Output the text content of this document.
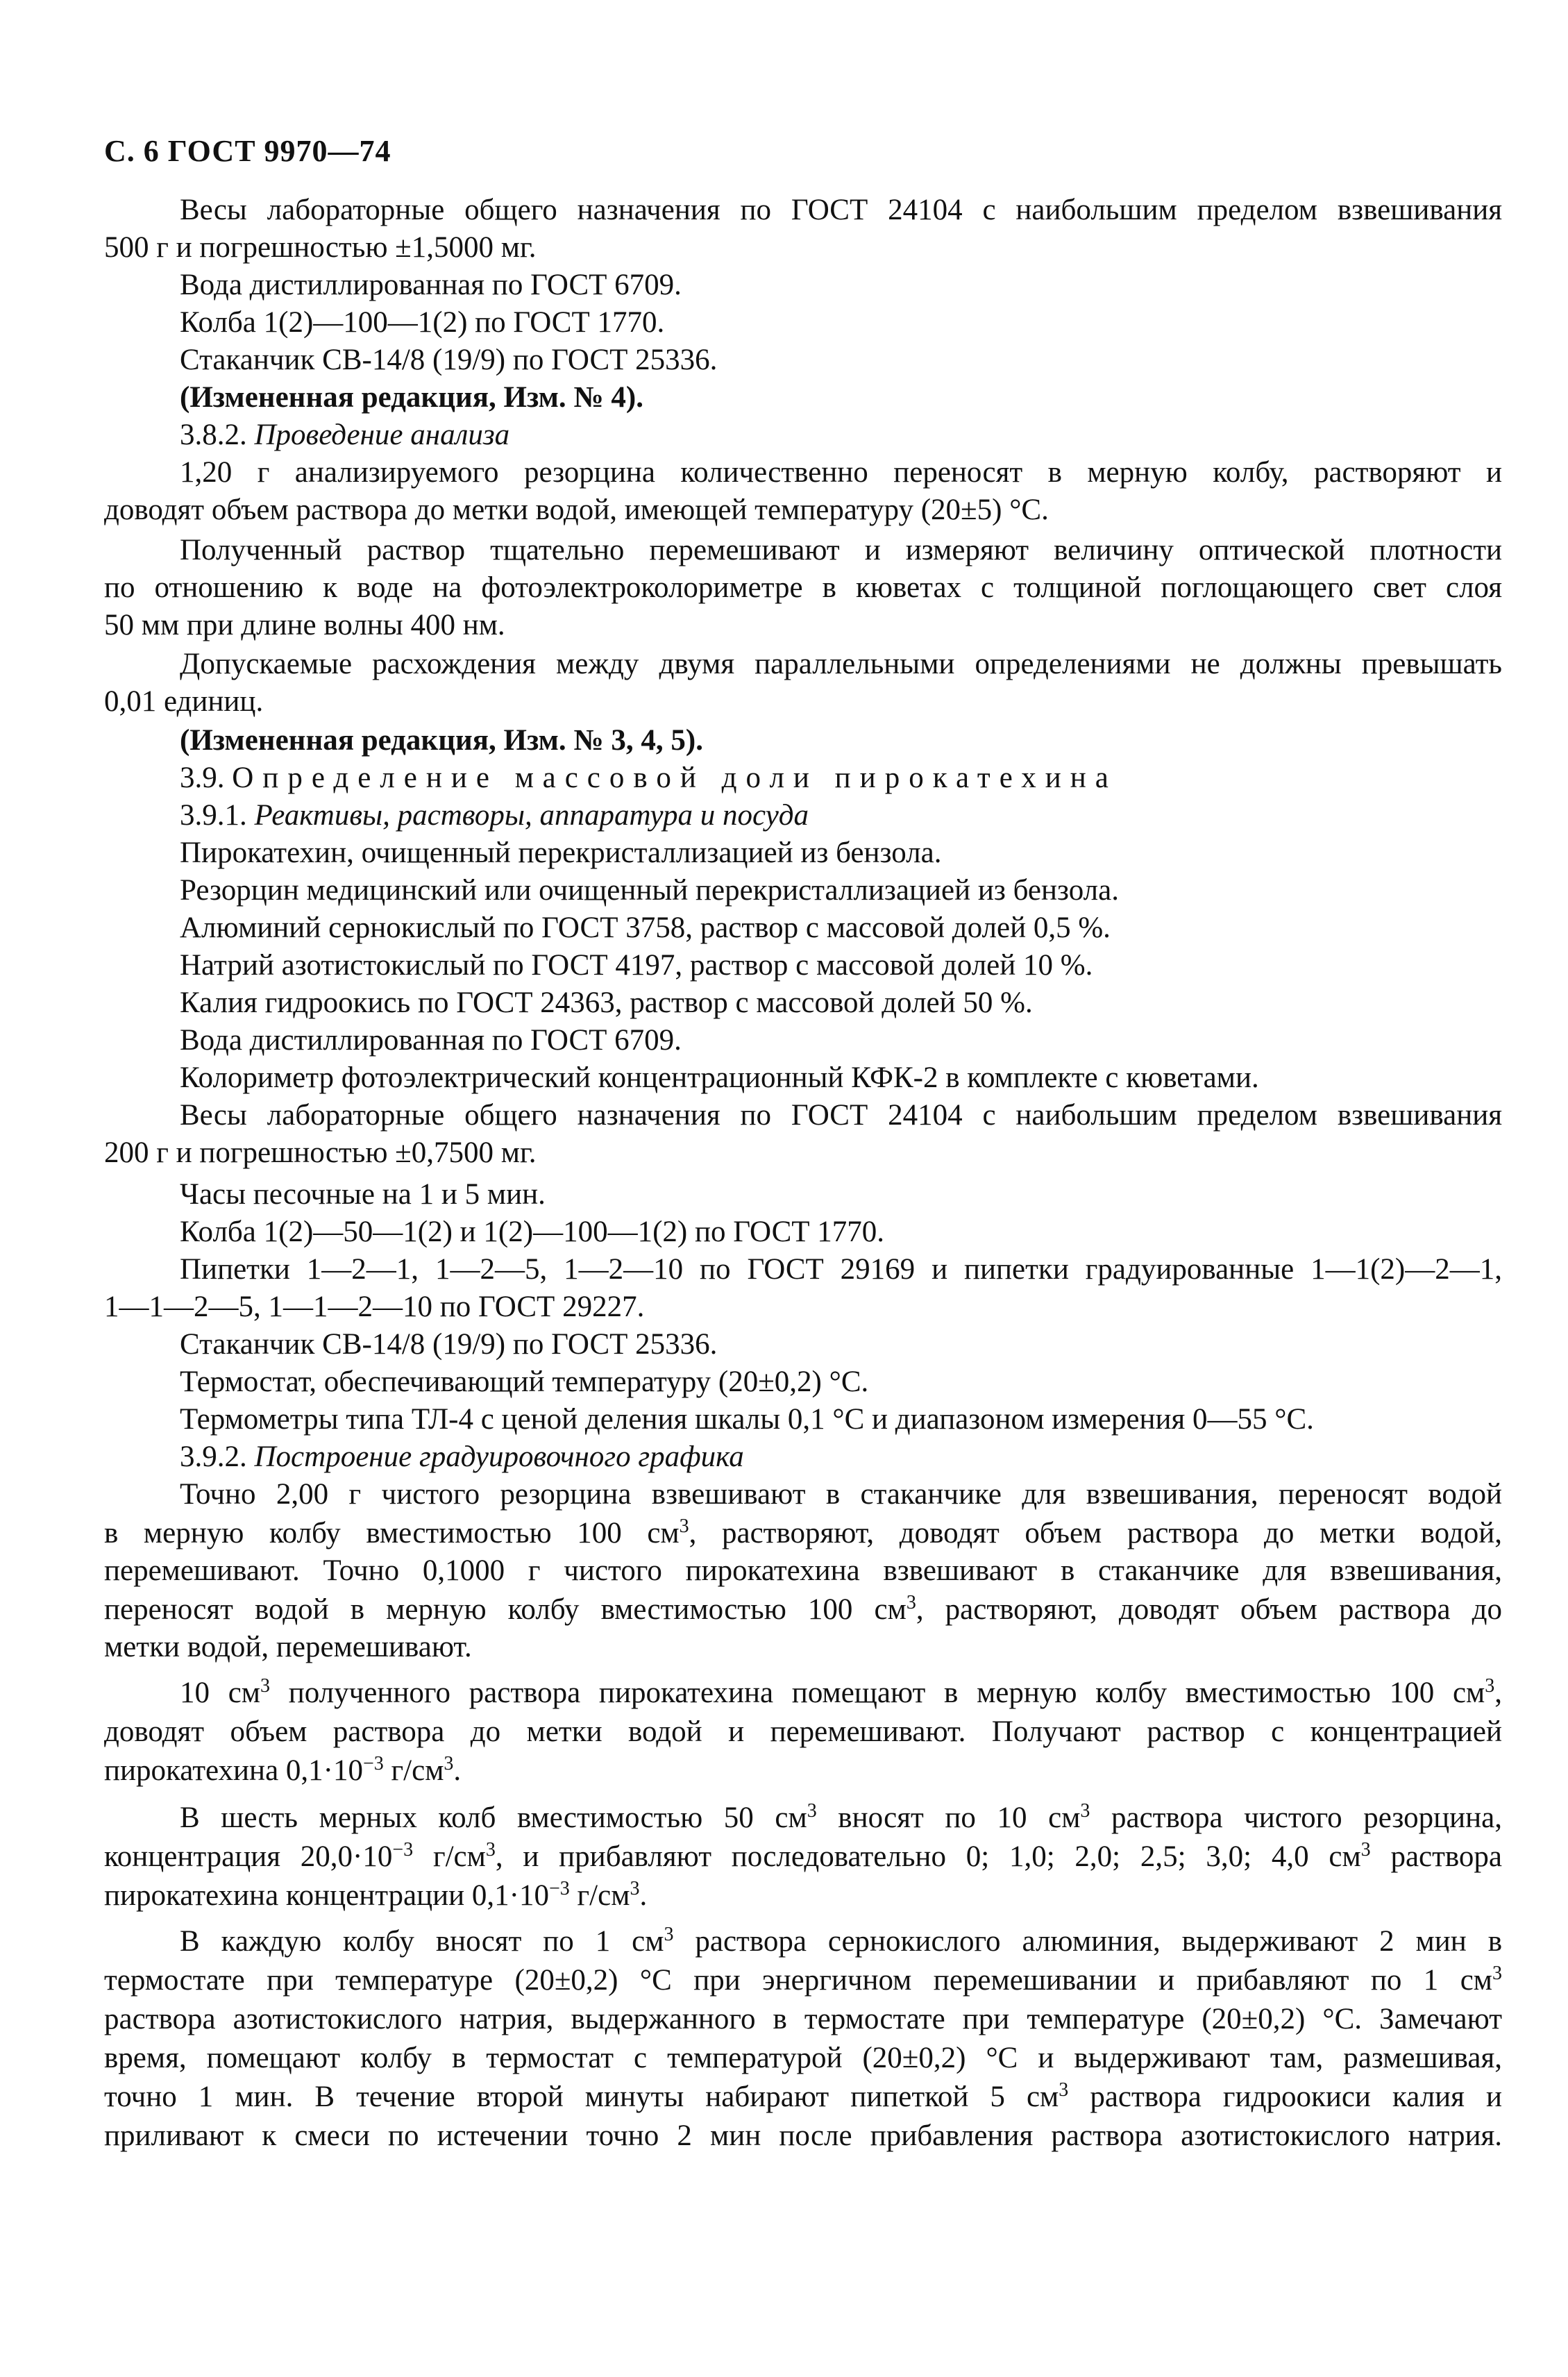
С. 6 ГОСТ 9970—74
Весы лабораторные общего назначения по ГОСТ 24104 с наибольшим пределом взвешивания
500 г и погрешностью ±1,5000 мг.
Вода дистиллированная по ГОСТ 6709.
Колба 1(2)—100—1(2) по ГОСТ 1770.
Стаканчик СВ-14/8 (19/9) по ГОСТ 25336.
(Измененная редакция, Изм. № 4).
3.8.2. Проведение анализа
1,20 г анализируемого резорцина количественно переносят в мерную колбу, растворяют и
доводят объем раствора до метки водой, имеющей температуру (20±5) °С.
Полученный раствор тщательно перемешивают и измеряют величину оптической плотности
по отношению к воде на фотоэлектроколориметре в кюветах с толщиной поглощающего свет слоя
50 мм при длине волны 400 нм.
Допускаемые расхождения между двумя параллельными определениями не должны превышать
0,01 единиц.
(Измененная редакция, Изм. № 3, 4, 5).
3.9. Определение массовой доли пирокатехина
3.9.1. Реактивы, растворы, аппаратура и посуда
Пирокатехин, очищенный перекристаллизацией из бензола.
Резорцин медицинский или очищенный перекристаллизацией из бензола.
Алюминий сернокислый по ГОСТ 3758, раствор с массовой долей 0,5 %.
Натрий азотистокислый по ГОСТ 4197, раствор с массовой долей 10 %.
Калия гидроокись по ГОСТ 24363, раствор с массовой долей 50 %.
Вода дистиллированная по ГОСТ 6709.
Колориметр фотоэлектрический концентрационный КФК-2 в комплекте с кюветами.
Весы лабораторные общего назначения по ГОСТ 24104 с наибольшим пределом взвешивания
200 г и погрешностью ±0,7500 мг.
Часы песочные на 1 и 5 мин.
Колба 1(2)—50—1(2) и 1(2)—100—1(2) по ГОСТ 1770.
Пипетки 1—2—1, 1—2—5, 1—2—10 по ГОСТ 29169 и пипетки градуированные 1—1(2)—2—1,
1—1—2—5, 1—1—2—10 по ГОСТ 29227.
Стаканчик СВ-14/8 (19/9) по ГОСТ 25336.
Термостат, обеспечивающий температуру (20±0,2) °С.
Термометры типа ТЛ-4 с ценой деления шкалы 0,1 °С и диапазоном измерения 0—55 °С.
3.9.2. Построение градуировочного графика
Точно 2,00 г чистого резорцина взвешивают в стаканчике для взвешивания, переносят водой
в мерную колбу вместимостью 100 $см^3$, растворяют, доводят объем раствора до метки водой,
перемешивают. Точно 0,1000 г чистого пирокатехина взвешивают в стаканчике для взвешивания,
переносят водой в мерную колбу вместимостью 100 $см^3$, растворяют, доводят объем раствора до
метки водой, перемешивают.
10 $см^3$ полученного раствора пирокатехина помещают в мерную колбу вместимостью 100 $см^3$,
доводят объем раствора до метки водой и перемешивают. Получают раствор с концентрацией
пирокатехина $0,1\cdot 10^{-3}$ $г/см^3$.
В шесть мерных колб вместимостью 50 $см^3$ вносят по 10 $см^3$ раствора чистого резорцина,
концентрация $20,0\cdot 10^{-3}$ $г/см^3$, и прибавляют последовательно 0; 1,0; 2,0; 2,5; 3,0; 4,0 $см^3$ раствора
пирокатехина концентрации $0,1\cdot 10^{-3}$ $г/см^3$.
В каждую колбу вносят по 1 $см^3$ раствора сернокислого алюминия, выдерживают 2 мин в
термостате при температуре (20±0,2) °С при энергичном перемешивании и прибавляют по 1 $см^3$
раствора азотистокислого натрия, выдержанного в термостате при температуре (20±0,2) °С. Замечают
время, помещают колбу в термостат с температурой (20±0,2) °С и выдерживают там, размешивая,
точно 1 мин. В течение второй минуты набирают пипеткой 5 $см^3$ раствора гидроокиси калия и
приливают к смеси по истечении точно 2 мин после прибавления раствора азотистокислого натрия.
